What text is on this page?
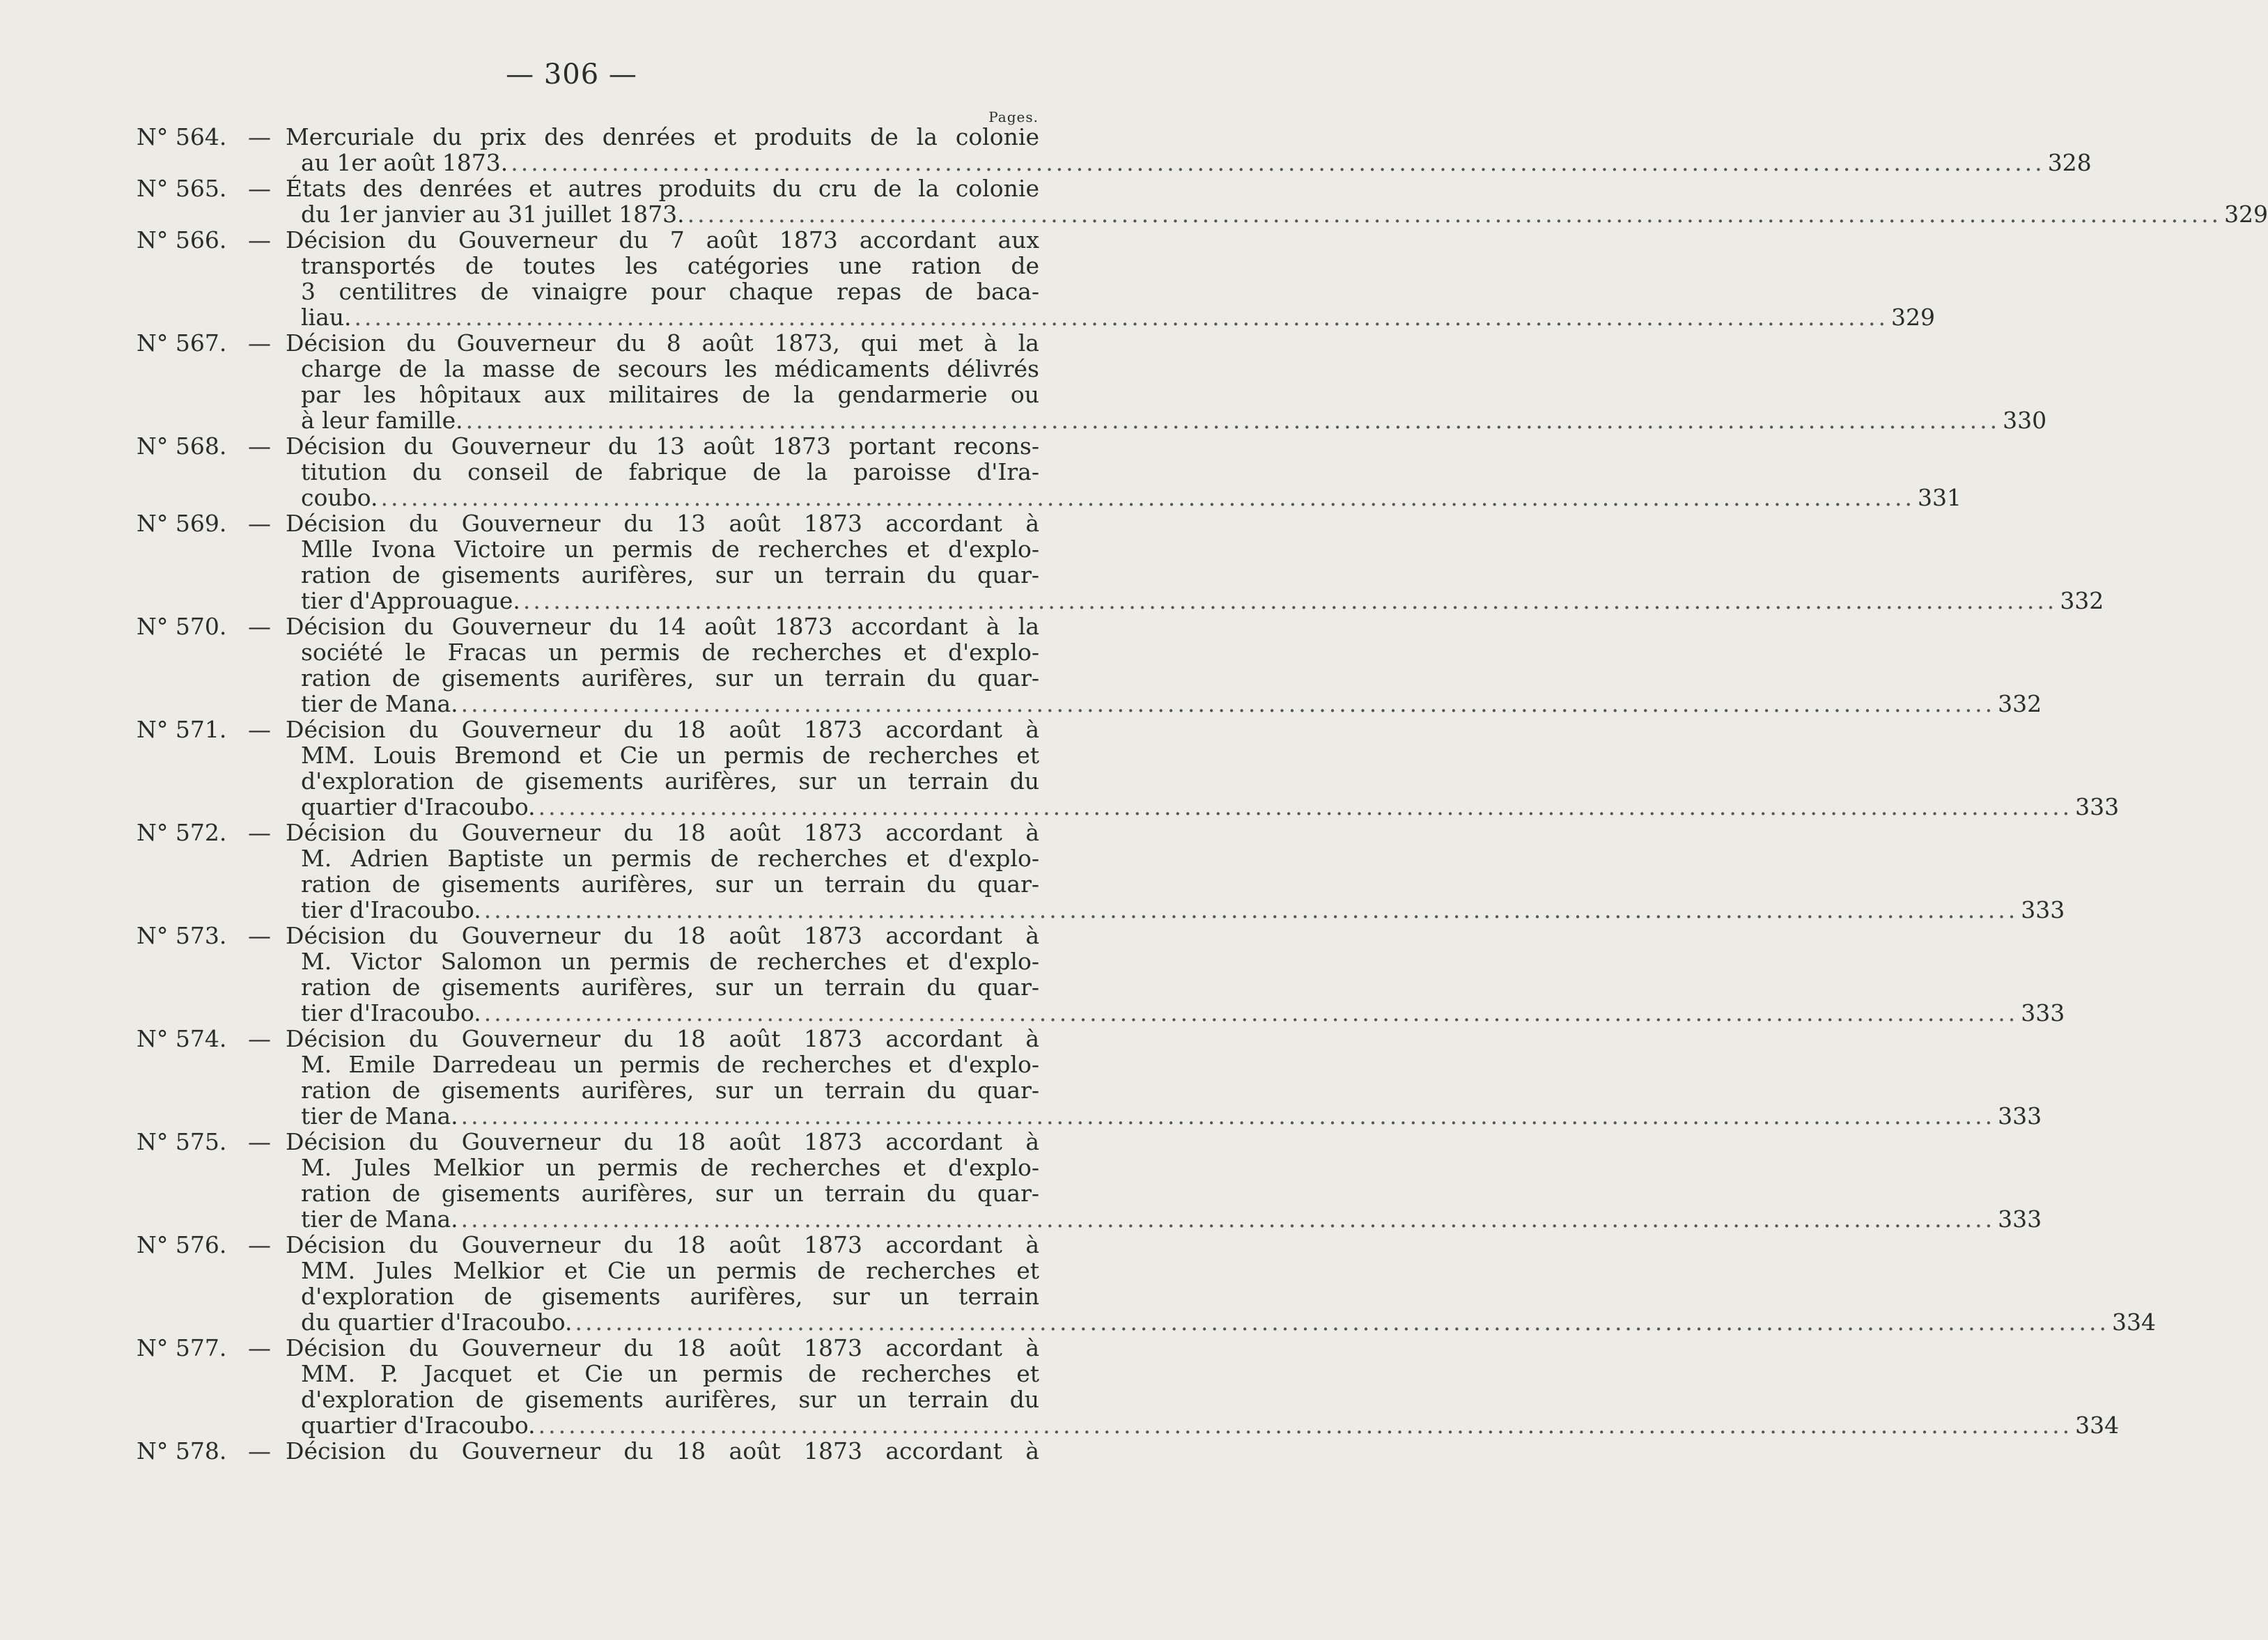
— 306 —
Pages.
N° 564. — Mercuriale du prix des denrées et produits de la colonie
au 1er août 1873. ........................................................................................................................................................ 328
N° 565. — États des denrées et autres produits du cru de la colonie
du 1er janvier au 31 juillet 1873. ........................................................................................................................................................ 329
N° 566. — Décision du Gouverneur du 7 août 1873 accordant aux
transportés de toutes les catégories une ration de
3 centilitres de vinaigre pour chaque repas de baca-
liau. ........................................................................................................................................................ 329
N° 567. — Décision du Gouverneur du 8 août 1873, qui met à la
charge de la masse de secours les médicaments délivrés
par les hôpitaux aux militaires de la gendarmerie ou
à leur famille. ........................................................................................................................................................ 330
N° 568. — Décision du Gouverneur du 13 août 1873 portant recons-
titution du conseil de fabrique de la paroisse d'Ira-
coubo. ........................................................................................................................................................ 331
N° 569. — Décision du Gouverneur du 13 août 1873 accordant à
Mlle Ivona Victoire un permis de recherches et d'explo-
ration de gisements aurifères, sur un terrain du quar-
tier d'Approuague. ........................................................................................................................................................ 332
N° 570. — Décision du Gouverneur du 14 août 1873 accordant à la
société le Fracas un permis de recherches et d'explo-
ration de gisements aurifères, sur un terrain du quar-
tier de Mana. ........................................................................................................................................................ 332
N° 571. — Décision du Gouverneur du 18 août 1873 accordant à
MM. Louis Bremond et Cie un permis de recherches et
d'exploration de gisements aurifères, sur un terrain du
quartier d'Iracoubo. ........................................................................................................................................................ 333
N° 572. — Décision du Gouverneur du 18 août 1873 accordant à
M. Adrien Baptiste un permis de recherches et d'explo-
ration de gisements aurifères, sur un terrain du quar-
tier d'Iracoubo. ........................................................................................................................................................ 333
N° 573. — Décision du Gouverneur du 18 août 1873 accordant à
M. Victor Salomon un permis de recherches et d'explo-
ration de gisements aurifères, sur un terrain du quar-
tier d'Iracoubo. ........................................................................................................................................................ 333
N° 574. — Décision du Gouverneur du 18 août 1873 accordant à
M. Emile Darredeau un permis de recherches et d'explo-
ration de gisements aurifères, sur un terrain du quar-
tier de Mana. ........................................................................................................................................................ 333
N° 575. — Décision du Gouverneur du 18 août 1873 accordant à
M. Jules Melkior un permis de recherches et d'explo-
ration de gisements aurifères, sur un terrain du quar-
tier de Mana. ........................................................................................................................................................ 333
N° 576. — Décision du Gouverneur du 18 août 1873 accordant à
MM. Jules Melkior et Cie un permis de recherches et
d'exploration de gisements aurifères, sur un terrain
du quartier d'Iracoubo. ........................................................................................................................................................ 334
N° 577. — Décision du Gouverneur du 18 août 1873 accordant à
MM. P. Jacquet et Cie un permis de recherches et
d'exploration de gisements aurifères, sur un terrain du
quartier d'Iracoubo. ........................................................................................................................................................ 334
N° 578. — Décision du Gouverneur du 18 août 1873 accordant à
